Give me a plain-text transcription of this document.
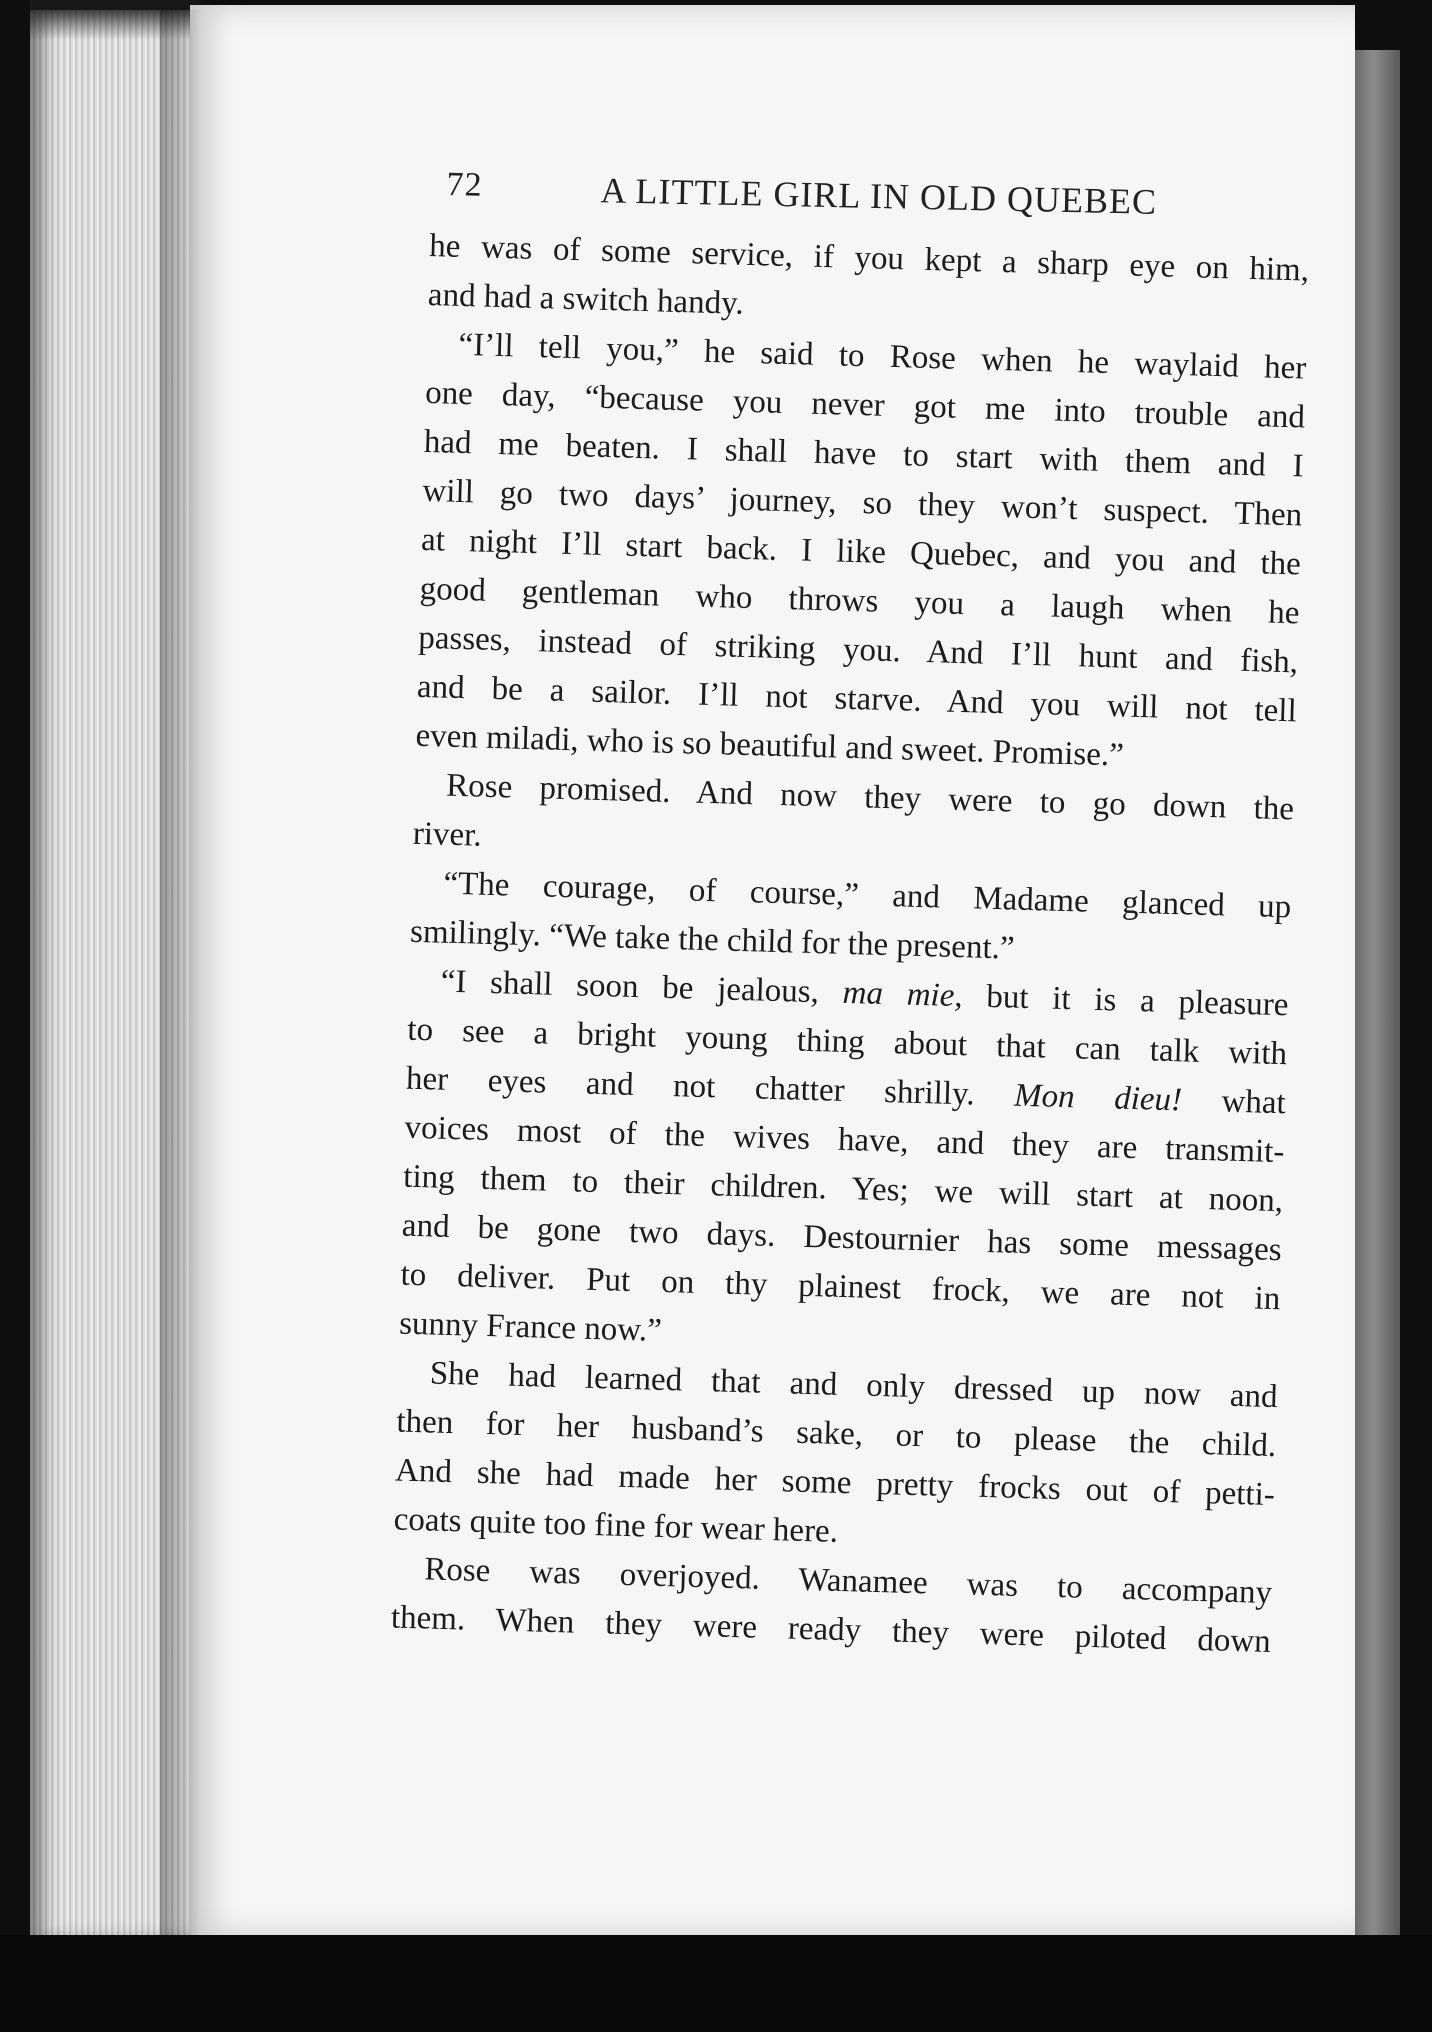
72	A LITTLE GIRL IN OLD QUEBEC
he was of some service, if you kept a sharp eye on him,
and had a switch handy.
“I’ll tell you,” he said to Rose when he waylaid her
one day, “because you never got me into trouble and
had me beaten. I shall have to start with them and I
will go two days’ journey, so they won’t suspect. Then
at night I’ll start back. I like Quebec, and you and the
good gentleman who throws you a laugh when he
passes, instead of striking you. And I’ll hunt and fish,
and be a sailor. I’ll not starve. And you will not tell
even miladi, who is so beautiful and sweet. Promise.”
Rose promised. And now they were to go down the
river.
“The courage, of course,” and Madame glanced up
smilingly. “We take the child for the present.”
“I shall soon be jealous, ma mie, but it is a pleasure
to see a bright young thing about that can talk with
her eyes and not chatter shrilly. Mon dieu! what
voices most of the wives have, and they are transmit-
ting them to their children. Yes; we will start at noon,
and be gone two days. Destournier has some messages
to deliver. Put on thy plainest frock, we are not in
sunny France now.”
She had learned that and only dressed up now and
then for her husband’s sake, or to please the child.
And she had made her some pretty frocks out of petti-
coats quite too fine for wear here.
Rose was overjoyed. Wanamee was to accompany
them. When they were ready they were piloted down
